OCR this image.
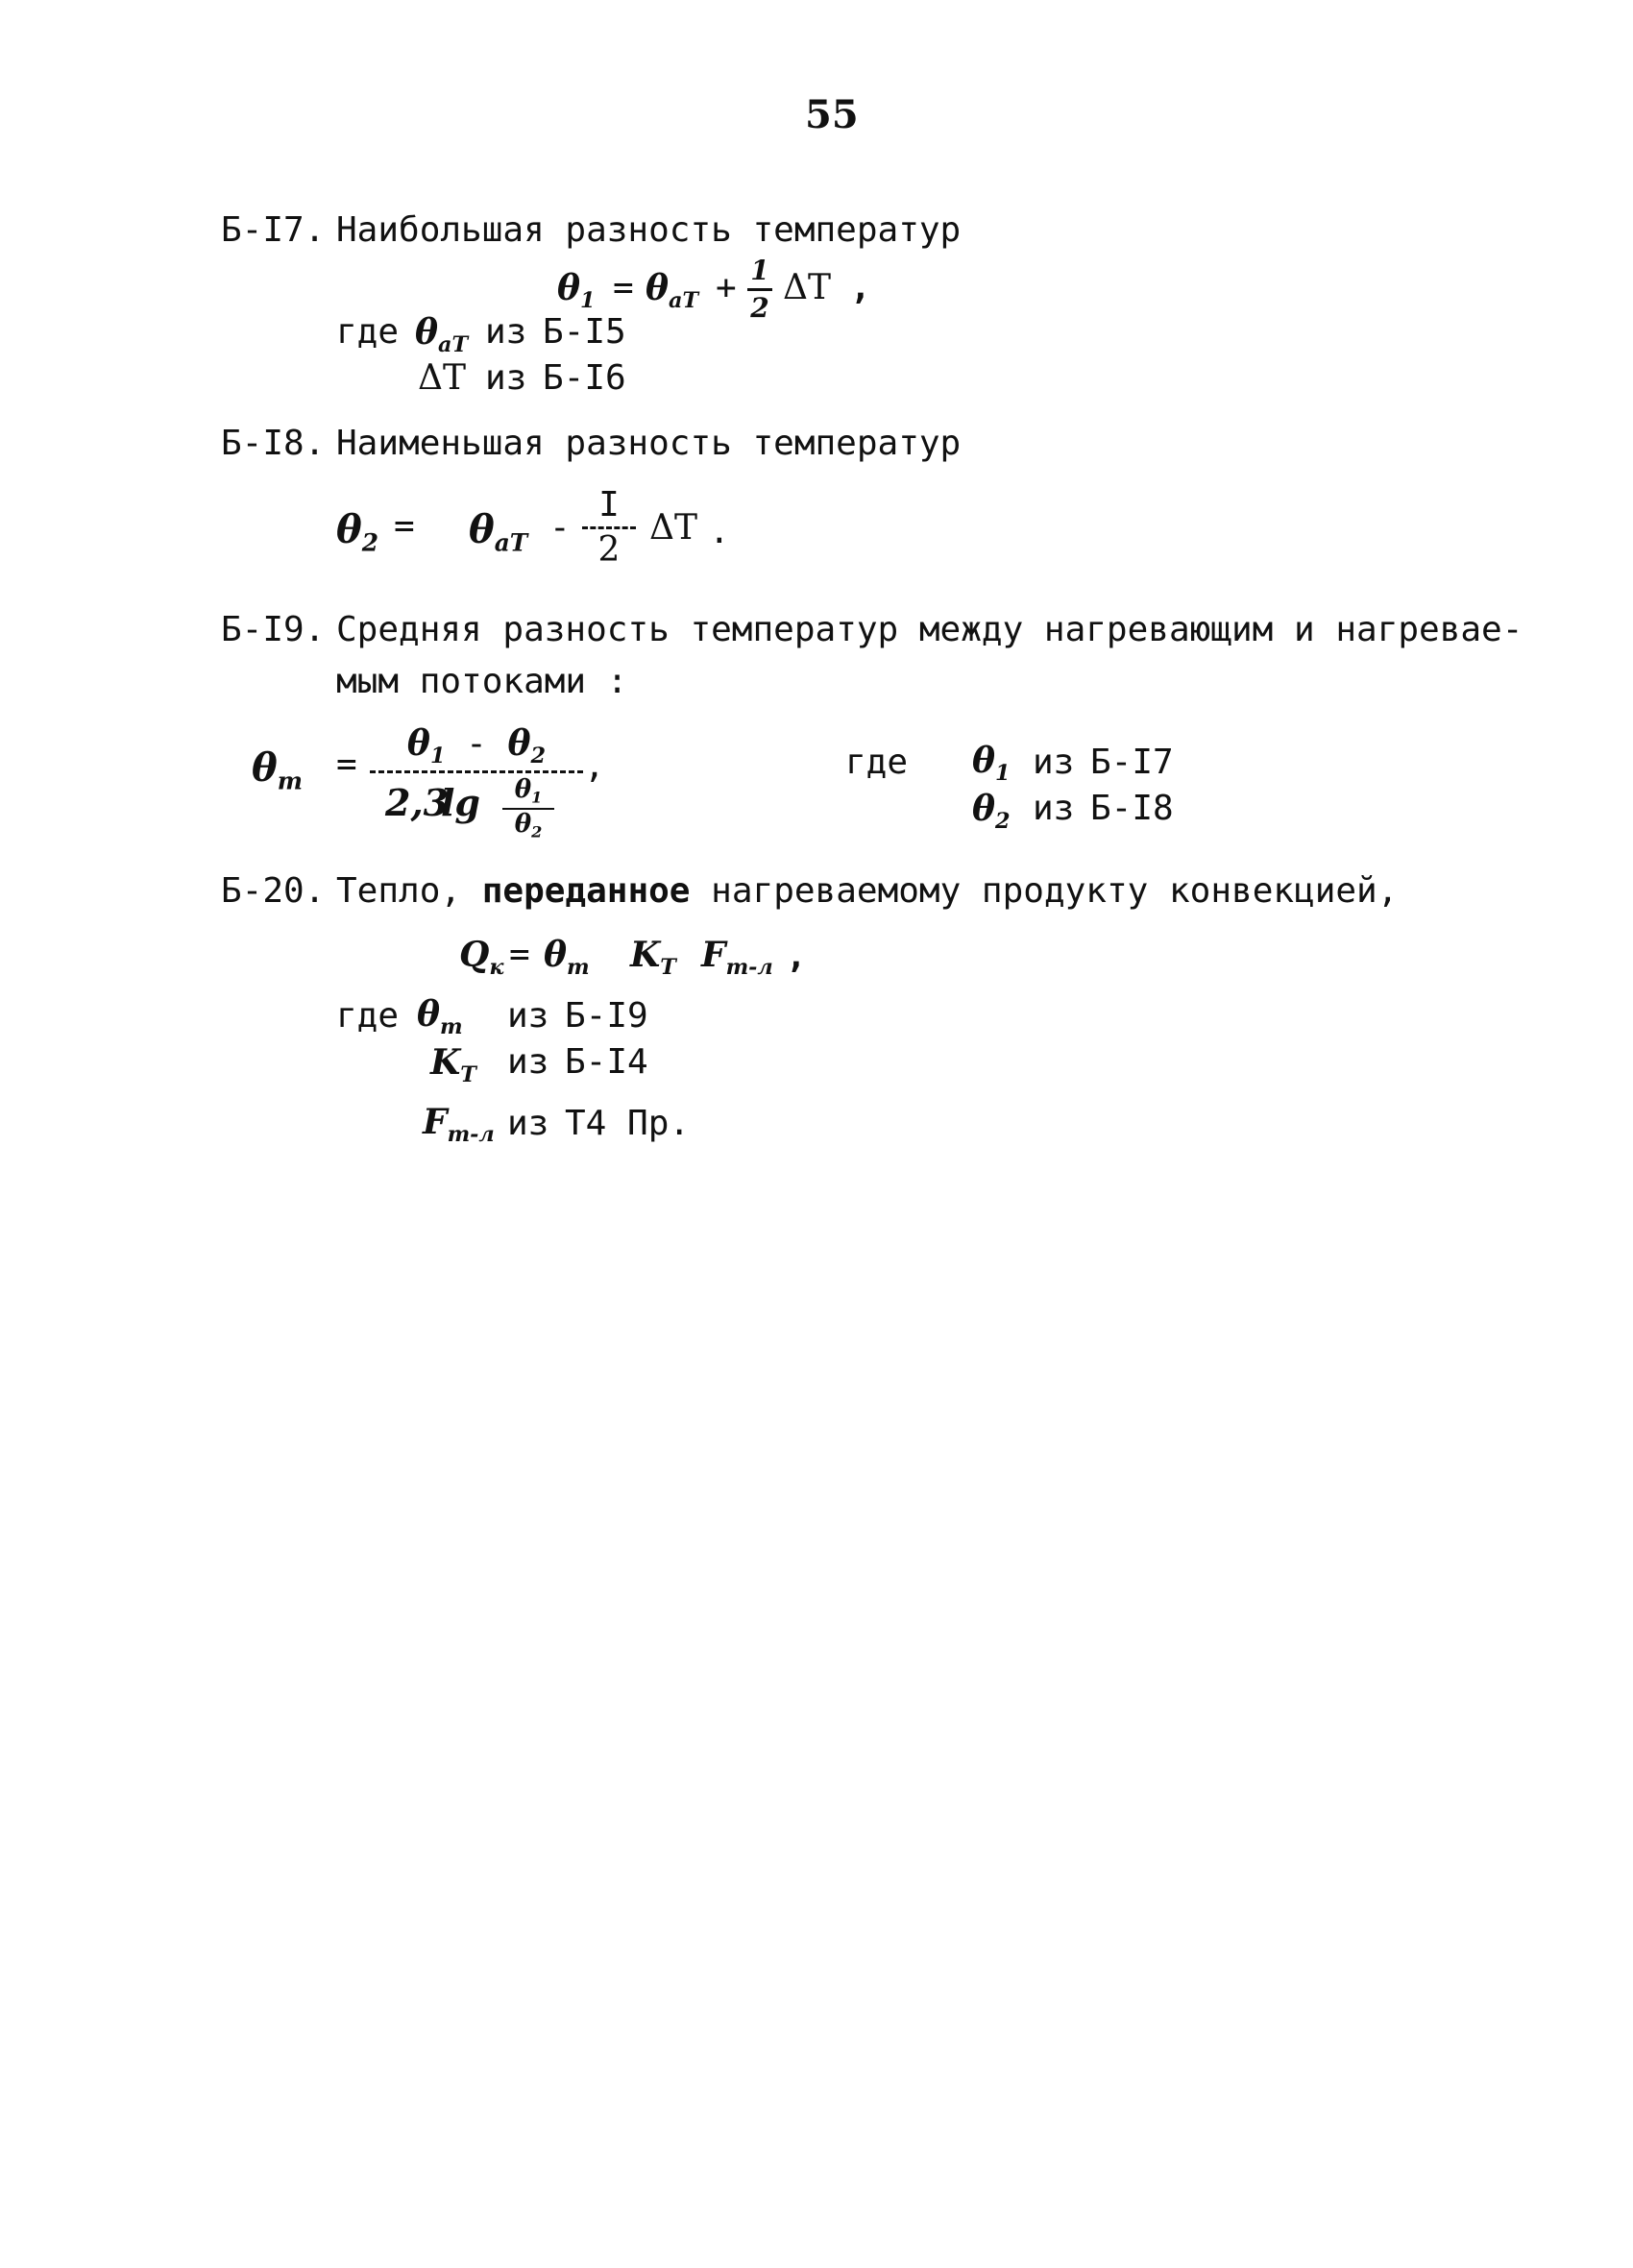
55
Б-I7. Наибольшая разность температур
$\theta_1 = \theta_{aT} + 1$
2
ΔT ,
где $\theta_{aT}$ из Б-I5
ΔT из Б-I6
Б-I8. Наименьшая разность температур
$\theta_2 = \theta_{aT}$ -
I
2
ΔT .
Б-I9. Средняя разность температур между нагревающим и нагревае-
мым потоками :
$\theta_m$ =
$\theta_1 - \theta_2$
2,3
lg	$\theta_1$
$\theta_2$
,	где $\theta_1$ из Б-I7
$\theta_2$ из Б-I8
Б-20. Тепло, переданное нагреваемому продукту конвекцией,
$Q_к = \theta_m$ $K_T$ $F_{т-л}$ ,
где $\theta_m$ из Б-I9
$K_T$ из Б-I4
$F_{т-л}$ из T4 Пр.
